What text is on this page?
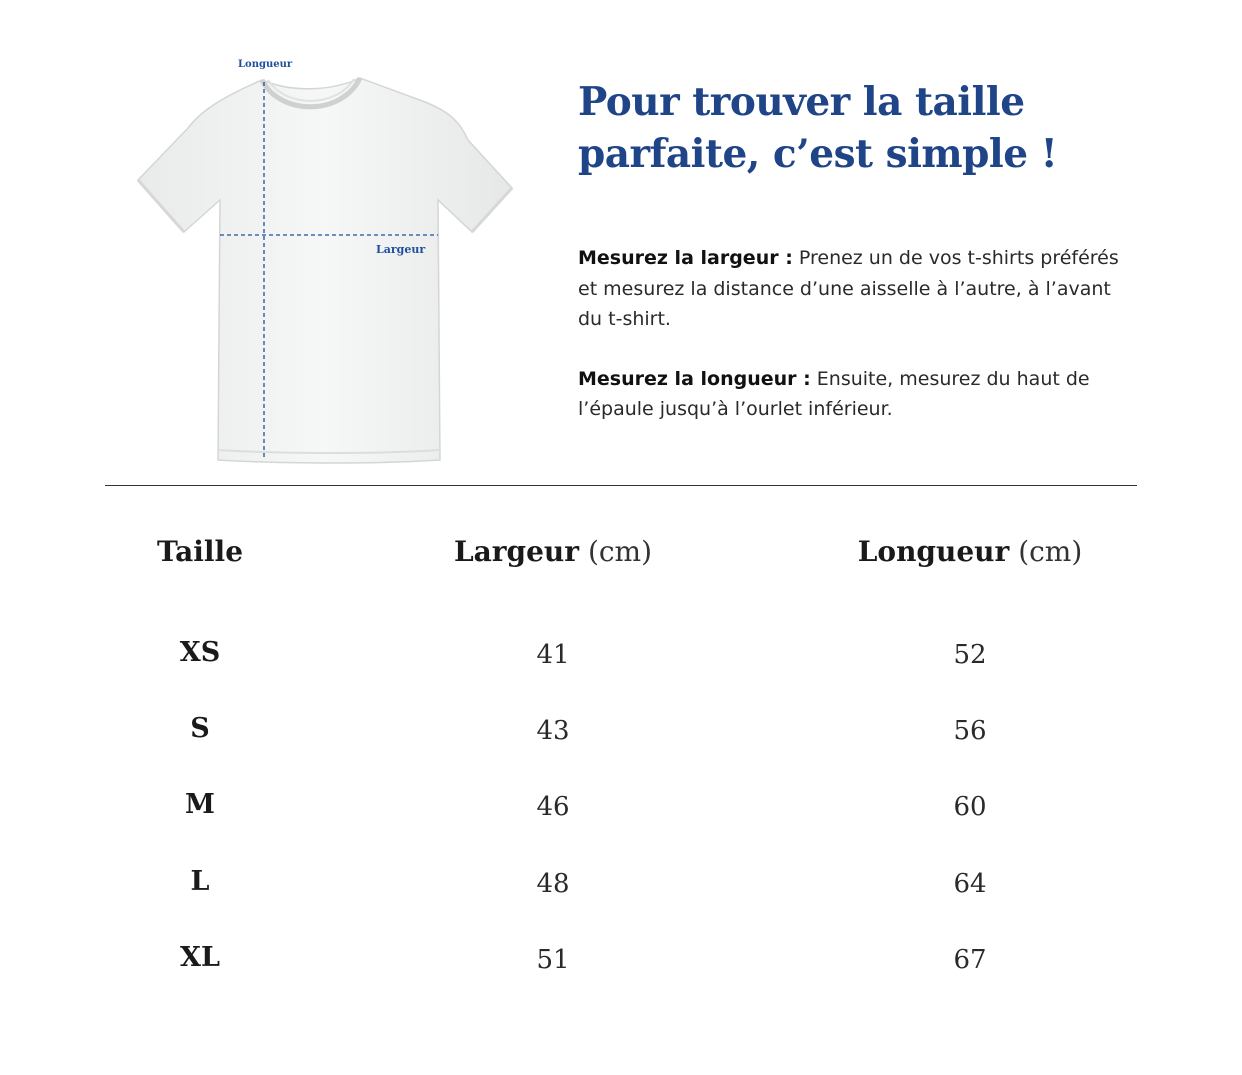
Longueur
Largeur
Pour trouver la taille
parfaite, c’est simple !

Mesurez la largeur : Prenez un de vos t-shirts préférés et mesurez la distance d’une aisselle à l’autre, à l’avant du t-shirt.

Mesurez la longueur : Ensuite, mesurez du haut de l’épaule jusqu’à l’ourlet inférieur.

Taille	Largeur (cm)	Longueur (cm)
XS	41	52
S	43	56
M	46	60
L	48	64
XL	51	67
